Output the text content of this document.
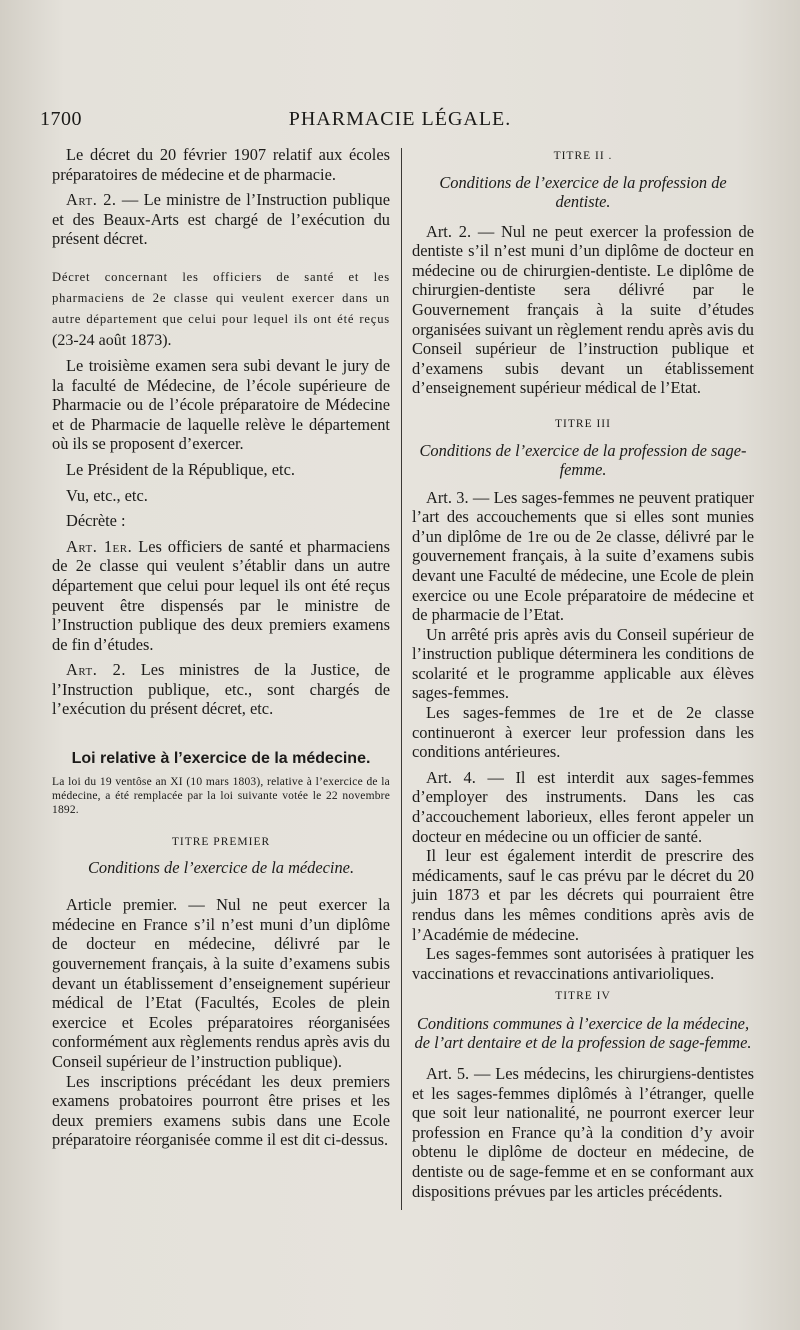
1700	PHARMACIE LÉGALE.

Le décret du 20 février 1907 relatif aux écoles préparatoires de médecine et de pharmacie.

Art. 2. — Le ministre de l’Instruction publique et des Beaux-Arts est chargé de l’exécution du présent décret.

Décret concernant les officiers de santé et les pharmaciens de 2e classe qui veulent exercer dans un autre département que celui pour lequel ils ont été reçus (23-24 août 1873).

Le troisième examen sera subi devant le jury de la faculté de Médecine, de l’école supérieure de Pharmacie ou de l’école préparatoire de Médecine et de Pharmacie de laquelle relève le département où ils se proposent d’exercer.

Le Président de la République, etc.

Vu, etc., etc.

Décrète :

Art. 1er. Les officiers de santé et pharmaciens de 2e classe qui veulent s’établir dans un autre département que celui pour lequel ils ont été reçus peuvent être dispensés par le ministre de l’Instruction publique des deux premiers examens de fin d’études.

Art. 2. Les ministres de la Justice, de l’Instruction publique, etc., sont chargés de l’exécution du présent décret, etc.

Loi relative à l’exercice de la médecine.

La loi du 19 ventôse an XI (10 mars 1803), relative à l’exercice de la médecine, a été remplacée par la loi suivante votée le 22 novembre 1892.

TITRE PREMIER

Conditions de l’exercice de la médecine.

Article premier. — Nul ne peut exercer la médecine en France s’il n’est muni d’un diplôme de docteur en médecine, délivré par le gouvernement français, à la suite d’examens subis devant un établissement d’enseignement supérieur médical de l’Etat (Facultés, Ecoles de plein exercice et Ecoles préparatoires réorganisées conformément aux règlements rendus après avis du Conseil supérieur de l’instruction publique).

Les inscriptions précédant les deux premiers examens probatoires pourront être prises et les deux premiers examens subis dans une Ecole préparatoire réorganisée comme il est dit ci-dessus.

TITRE II .

Conditions de l’exercice de la profession de dentiste.

Art. 2. — Nul ne peut exercer la profession de dentiste s’il n’est muni d’un diplôme de docteur en médecine ou de chirurgien-dentiste. Le diplôme de chirurgien-dentiste sera délivré par le Gouvernement français à la suite d’études organisées suivant un règlement rendu après avis du Conseil supérieur de l’instruction publique et d’examens subis devant un établissement d’enseignement supérieur médical de l’Etat.

TITRE III

Conditions de l’exercice de la profession de sage-femme.

Art. 3. — Les sages-femmes ne peuvent pratiquer l’art des accouchements que si elles sont munies d’un diplôme de 1re ou de 2e classe, délivré par le gouvernement français, à la suite d’examens subis devant une Faculté de médecine, une Ecole de plein exercice ou une Ecole préparatoire de médecine et de pharmacie de l’Etat.

Un arrêté pris après avis du Conseil supérieur de l’instruction publique déterminera les conditions de scolarité et le programme applicable aux élèves sages-femmes.

Les sages-femmes de 1re et de 2e classe continueront à exercer leur profession dans les conditions antérieures.

Art. 4. — Il est interdit aux sages-femmes d’employer des instruments. Dans les cas d’accouchement laborieux, elles feront appeler un docteur en médecine ou un officier de santé.

Il leur est également interdit de prescrire des médicaments, sauf le cas prévu par le décret du 20 juin 1873 et par les décrets qui pourraient être rendus dans les mêmes conditions après avis de l’Académie de médecine.

Les sages-femmes sont autorisées à pratiquer les vaccinations et revaccinations antivarioliques.

TITRE IV

Conditions communes à l’exercice de la médecine, de l’art dentaire et de la profession de sage-femme.

Art. 5. — Les médecins, les chirurgiens-dentistes et les sages-femmes diplômés à l’étranger, quelle que soit leur nationalité, ne pourront exercer leur profession en France qu’à la condition d’y avoir obtenu le diplôme de docteur en médecine, de dentiste ou de sage-femme et en se conformant aux dispositions prévues par les articles précédents.
